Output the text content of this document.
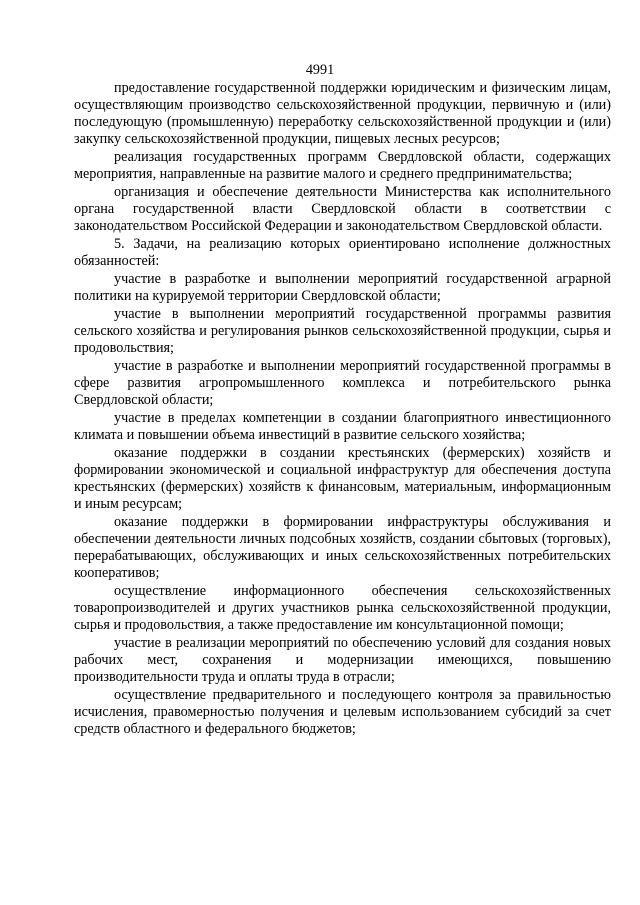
4991

предоставление государственной поддержки юридическим и физическим лицам, осуществляющим производство сельскохозяйственной продукции, первичную и (или) последующую (промышленную) переработку сельскохозяйственной продукции и (или) закупку сельскохозяйственной продукции, пищевых лесных ресурсов;

реализация государственных программ Свердловской области, содержащих мероприятия, направленные на развитие малого и среднего предпринимательства;

организация и обеспечение деятельности Министерства как исполнительного органа государственной власти Свердловской области в соответствии с законодательством Российской Федерации и законодательством Свердловской области.

5. Задачи, на реализацию которых ориентировано исполнение должностных обязанностей:

участие в разработке и выполнении мероприятий государственной аграрной политики на курируемой территории Свердловской области;

участие в выполнении мероприятий государственной программы развития сельского хозяйства и регулирования рынков сельскохозяйственной продукции, сырья и продовольствия;

участие в разработке и выполнении мероприятий государственной программы в сфере развития агропромышленного комплекса и потребительского рынка Свердловской области;

участие в пределах компетенции в создании благоприятного инвестиционного климата и повышении объема инвестиций в развитие сельского хозяйства;

оказание поддержки в создании крестьянских (фермерских) хозяйств и формировании экономической и социальной инфраструктур для обеспечения доступа крестьянских (фермерских) хозяйств к финансовым, материальным, информационным и иным ресурсам;

оказание поддержки в формировании инфраструктуры обслуживания и обеспечении деятельности личных подсобных хозяйств, создании сбытовых (торговых), перерабатывающих, обслуживающих и иных сельскохозяйственных потребительских кооперативов;

осуществление информационного обеспечения сельскохозяйственных товаропроизводителей и других участников рынка сельскохозяйственной продукции, сырья и продовольствия, а также предоставление им консультационной помощи;

участие в реализации мероприятий по обеспечению условий для создания новых рабочих мест, сохранения и модернизации имеющихся, повышению производительности труда и оплаты труда в отрасли;

осуществление предварительного и последующего контроля за правильностью исчисления, правомерностью получения и целевым использованием субсидий за счет средств областного и федерального бюджетов;
